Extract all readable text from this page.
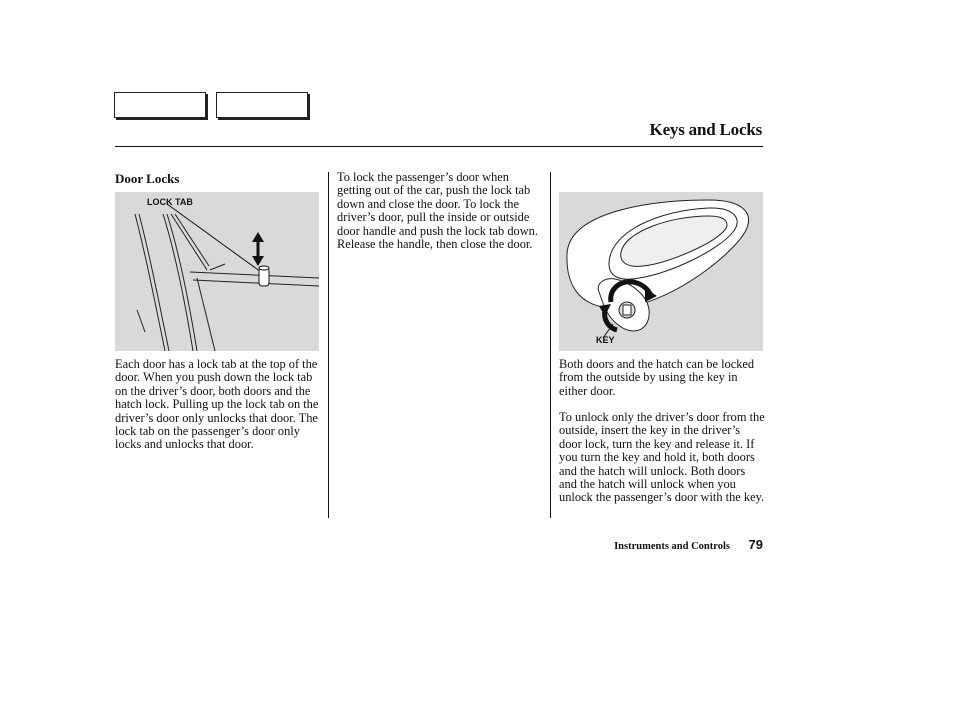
Keys and Locks
Door Locks
LOCK TAB
KEY

Each door has a lock tab at the top of the door. When you push down the lock tab on the driver’s door, both doors and the hatch lock. Pulling up the lock tab on the driver’s door only unlocks that door. The lock tab on the passenger’s door only locks and unlocks that door.

To lock the passenger’s door when getting out of the car, push the lock tab down and close the door. To lock the driver’s door, pull the inside or outside door handle and push the lock tab down. Release the handle, then close the door.

Both doors and the hatch can be locked from the outside by using the key in either door.

To unlock only the driver’s door from the outside, insert the key in the driver’s door lock, turn the key and release it. If you turn the key and hold it, both doors and the hatch will unlock. Both doors and the hatch will unlock when you unlock the passenger’s door with the key.

Instruments and Controls 79
